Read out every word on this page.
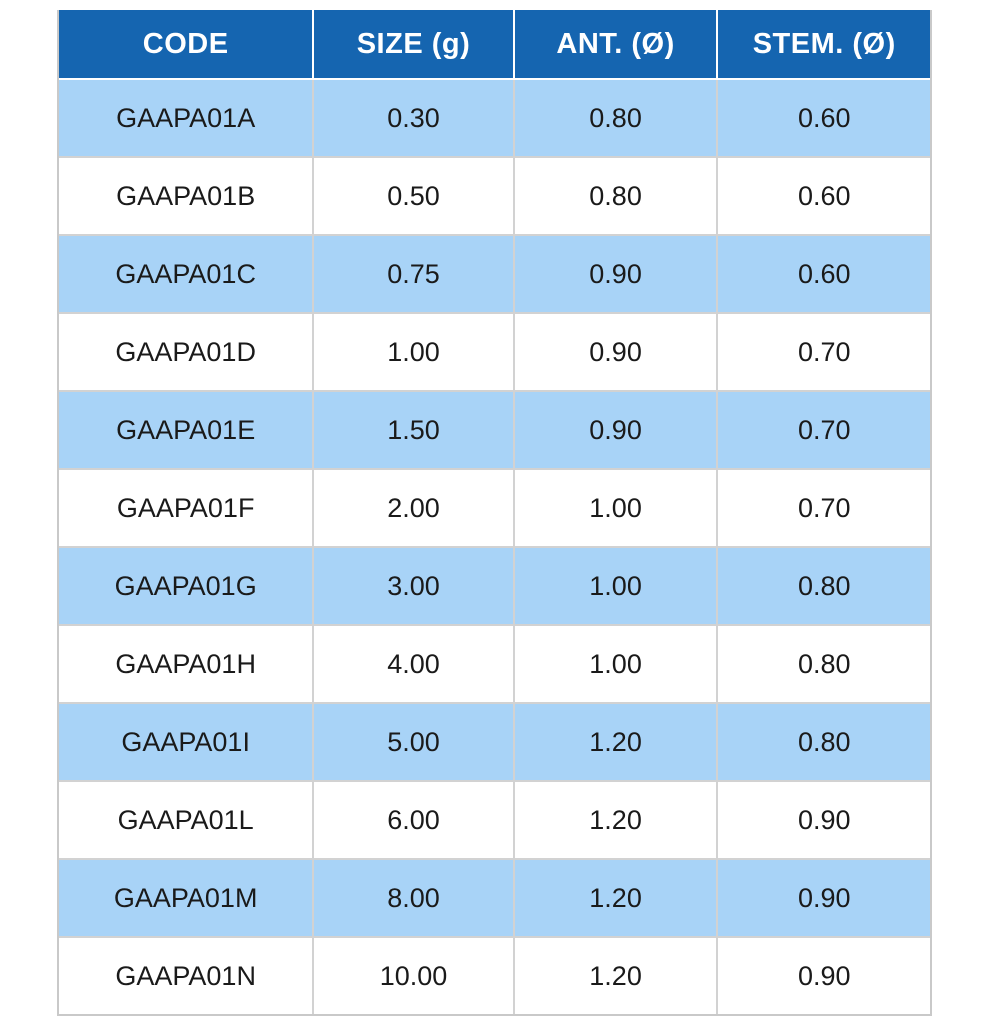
CODE	SIZE (g)	ANT. (Ø)	STEM. (Ø)
GAAPA01A	0.30	0.80	0.60
GAAPA01B	0.50	0.80	0.60
GAAPA01C	0.75	0.90	0.60
GAAPA01D	1.00	0.90	0.70
GAAPA01E	1.50	0.90	0.70
GAAPA01F	2.00	1.00	0.70
GAAPA01G	3.00	1.00	0.80
GAAPA01H	4.00	1.00	0.80
GAAPA01I	5.00	1.20	0.80
GAAPA01L	6.00	1.20	0.90
GAAPA01M	8.00	1.20	0.90
GAAPA01N	10.00	1.20	0.90
